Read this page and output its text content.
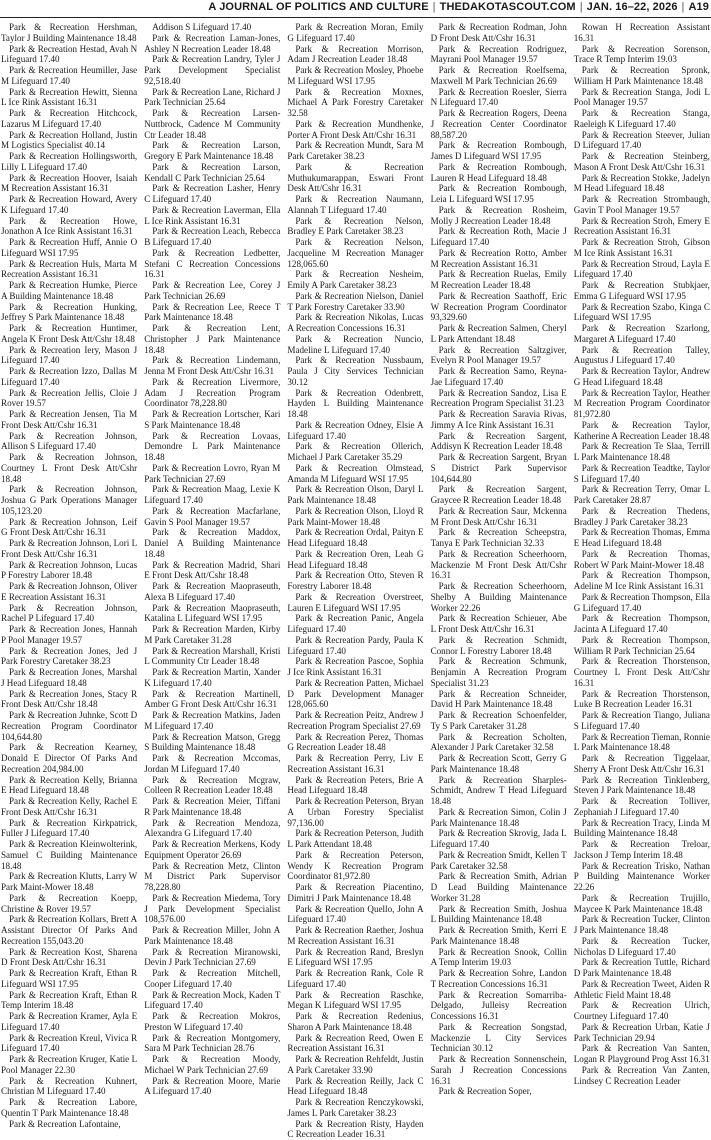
A JOURNAL OF POLITICS AND CULTURE | THEDAKOTASCOUT.COM | JAN. 16–22, 2026 | A19
Park & Recreation Hershman, Taylor J Building Maintenance 18.48
Park & Recreation Hestad, Avah N Lifeguard 17.40
Park & Recreation Heumiller, Jase M Lifeguard 17.40
Park & Recreation Hewitt, Sienna L Ice Rink Assistant 16.31
Park & Recreation Hitchcock, Lazarus M Lifeguard 17.40
Park & Recreation Holland, Justin M Logistics Specialist 40.14
Park & Recreation Hollingsworth, Lilly L Lifeguard 17.40
Park & Recreation Hoover, Isaiah M Recreation Assistant 16.31
Park & Recreation Howard, Avery K Lifeguard 17.40
Park & Recreation Howe, Jonathon A Ice Rink Assistant 16.31
Park & Recreation Huff, Annie O Lifeguard WSI 17.95
Park & Recreation Huls, Marta M Recreation Assistant 16.31
Park & Recreation Humke, Pierce A Building Maintenance 18.48
Park & Recreation Hunking, Jeffrey S Park Maintenance 18.48
Park & Recreation Huntimer, Angela K Front Desk Att/Cshr 18.48
Park & Recreation Iery, Mason J Lifeguard 17.40
Park & Recreation Izzo, Dallas M Lifeguard 17.40
Park & Recreation Jellis, Cloie J Rover 19.57
Park & Recreation Jensen, Tia M Front Desk Att/Cshr 16.31
Park & Recreation Johnson, Allison S Lifeguard 17.40
Park & Recreation Johnson, Courtney L Front Desk Att/Cshr 18.48
Park & Recreation Johnson, Joshua G Park Operations Manager 105,123.20
Park & Recreation Johnson, Leif G Front Desk Att/Cshr 16.31
Park & Recreation Johnson, Lori L Front Desk Att/Cshr 16.31
Park & Recreation Johnson, Lucas P Forestry Laborer 18.48
Park & Recreation Johnson, Oliver E Recreation Assistant 16.31
Park & Recreation Johnson, Rachel P Lifeguard 17.40
Park & Recreation Jones, Hannah P Pool Manager 19.57
Park & Recreation Jones, Jed J Park Forestry Caretaker 38.23
Park & Recreation Jones, Marshal J Head Lifeguard 18.48
Park & Recreation Jones, Stacy R Front Desk Att/Cshr 18.48
Park & Recreation Juhnke, Scott D Recreation Program Coordinator 104,644.80
Park & Recreation Kearney, Donald E Director Of Parks And Recreation 204,984.00
Park & Recreation Kelly, Brianna E Head Lifeguard 18.48
Park & Recreation Kelly, Rachel E Front Desk Att/Cshr 16.31
Park & Recreation Kirkpatrick, Fuller J Lifeguard 17.40
Park & Recreation Kleinwolterink, Samuel C Building Maintenance 18.48
Park & Recreation Klutts, Larry W Park Maint-Mower 18.48
Park & Recreation Koepp, Christine & Rover 19.57
Park & Recreation Kollars, Brett A Assistant Director Of Parks And Recreation 155,043.20
Park & Recreation Kost, Sharena D Front Desk Att/Cshr 16.31
Park & Recreation Kraft, Ethan R Lifeguard WSI 17.95
Park & Recreation Kraft, Ethan R Temp Interim 18.48
Park & Recreation Kramer, Ayla E Lifeguard 17.40
Park & Recreation Kreul, Vivica R Lifeguard 17.40
Park & Recreation Kruger, Katie L Pool Manager 22.30
Park & Recreation Kuhnert, Christian M Lifeguard 17.40
Park & Recreation Labore, Quentin T Park Maintenance 18.48
Park & Recreation Lafontaine,
Addison S Lifeguard 17.40
Park & Recreation Laman-Jones, Ashley N Recreation Leader 18.48
Park & Recreation Landry, Tyler J Park Development Specialist 92,518.40
Park & Recreation Lane, Richard J Park Technician 25.64
Park & Recreation Larsen-Nuttbrock, Cadence M Community Ctr Leader 18.48
Park & Recreation Larson, Gregory E Park Maintenance 18.48
Park & Recreation Larson, Kendall C Park Technician 25.64
Park & Recreation Lasher, Henry C Lifeguard 17.40
Park & Recreation Laverman, Ella L Ice Rink Assistant 16.31
Park & Recreation Leach, Rebecca B Lifeguard 17.40
Park & Recreation Ledbetter, Stefani C Recreation Concessions 16.31
Park & Recreation Lee, Corey J Park Technician 26.69
Park & Recreation Lee, Reece T Park Maintenance 18.48
Park & Recreation Lent, Christopher J Park Maintenance 18.48
Park & Recreation Lindemann, Jenna M Front Desk Att/Cshr 16.31
Park & Recreation Livermore, Adam J Recreation Program Coordinator 78,228.80
Park & Recreation Lortscher, Kari S Park Maintenance 18.48
Park & Recreation Lovaas, Demondre L Park Maintenance 18.48
Park & Recreation Lovro, Ryan M Park Technician 27.69
Park & Recreation Maag, Lexie K Lifeguard 17.40
Park & Recreation Macfarlane, Gavin S Pool Manager 19.57
Park & Recreation Maddox, Daniel A Building Maintenance 18.48
Park & Recreation Madrid, Shari E Front Desk Att/Cshr 18.48
Park & Recreation Maopraseuth, Alexa B Lifeguard 17.40
Park & Recreation Maopraseuth, Katalina L Lifeguard WSI 17.95
Park & Recreation Marden, Kirby M Park Caretaker 31.28
Park & Recreation Marshall, Kristi L Community Ctr Leader 18.48
Park & Recreation Martin, Xander K Lifeguard 17.40
Park & Recreation Martinell, Amber G Front Desk Att/Cshr 16.31
Park & Recreation Matkins, Jaden M Lifeguard 17.40
Park & Recreation Matson, Gregg S Building Maintenance 18.48
Park & Recreation Mccomas, Jordan M Lifeguard 17.40
Park & Recreation Mcgraw, Colleen R Recreation Leader 18.48
Park & Recreation Meier, Tiffani R Park Maintenance 18.48
Park & Recreation Mendoza, Alexandra G Lifeguard 17.40
Park & Recreation Merkens, Kody Equipment Operator 26.69
Park & Recreation Metz, Clinton M District Park Supervisor 78,228.80
Park & Recreation Miedema, Tory J Park Development Specialist 108,576.00
Park & Recreation Miller, John A Park Maintenance 18.48
Park & Recreation Miranowski, Devin J Park Technician 27.69
Park & Recreation Mitchell, Cooper Lifeguard 17.40
Park & Recreation Mock, Kaden T Lifeguard 17.40
Park & Recreation Mokros, Preston W Lifeguard 17.40
Park & Recreation Montgomery, Sara M Park Technician 28.76
Park & Recreation Moody, Michael W Park Technician 27.69
Park & Recreation Moore, Marie A Lifeguard 17.40
Park & Recreation Moran, Emily G Lifeguard 17.40
Park & Recreation Morrison, Adam J Recreation Leader 18.48
Park & Recreation Mosley, Phoebe M Lifeguard WSI 17.95
Park & Recreation Moxnes, Michael A Park Forestry Caretaker 32.58
Park & Recreation Mundhenke, Porter A Front Desk Att/Cshr 16.31
Park & Recreation Mundt, Sara M Park Caretaker 38.23
Park & Recreation Muthukumarappan, Eswari Front Desk Att/Cshr 16.31
Park & Recreation Naumann, Alannah T Lifeguard 17.40
Park & Recreation Nelson, Bradley E Park Caretaker 38.23
Park & Recreation Nelson, Jacqueline M Recreation Manager 128,065.60
Park & Recreation Nesheim, Emily A Park Caretaker 38.23
Park & Recreation Nielson, Daniel T Park Forestry Caretaker 33.90
Park & Recreation Nikolas, Lucas A Recreation Concessions 16.31
Park & Recreation Nuncio, Madeline L Lifeguard 17.40
Park & Recreation Nussbaum, Paula J City Services Technician 30.12
Park & Recreation Odenbrett, Hayden L Building Maintenance 18.48
Park & Recreation Odney, Elsie A Lifeguard 17.40
Park & Recreation Ollerich, Michael J Park Caretaker 35.29
Park & Recreation Olmstead, Amanda M Lifeguard WSI 17.95
Park & Recreation Olson, Daryl L Park Maintenance 18.48
Park & Recreation Olson, Lloyd R Park Maint-Mower 18.48
Park & Recreation Ordal, Paityn E Head Lifeguard 18.48
Park & Recreation Oren, Leah G Head Lifeguard 18.48
Park & Recreation Otto, Steven R Forestry Laborer 18.48
Park & Recreation Overstreet, Lauren E Lifeguard WSI 17.95
Park & Recreation Panic, Angela Lifeguard 17.40
Park & Recreation Pardy, Paula K Lifeguard 17.40
Park & Recreation Pascoe, Sophia J Ice Rink Assistant 16.31
Park & Recreation Patten, Michael D Park Development Manager 128,065.60
Park & Recreation Peitz, Andrew J Recreation Program Specialist 27.69
Park & Recreation Perez, Thomas G Recreation Leader 18.48
Park & Recreation Perry, Liv E Recreation Assistant 16.31
Park & Recreation Peters, Brie A Head Lifeguard 18.48
Park & Recreation Peterson, Bryan A Urban Forestry Specialist 97,136.00
Park & Recreation Peterson, Judith L Park Attendant 18.48
Park & Recreation Peterson, Wendy K Recreation Program Coordinator 81,972.80
Park & Recreation Piacentino, Dimitri J Park Maintenance 18.48
Park & Recreation Quello, John A Lifeguard 17.40
Park & Recreation Raether, Joshua M Recreation Assistant 16.31
Park & Recreation Rand, Breslyn E Lifeguard WSI 17.95
Park & Recreation Rank, Cole R Lifeguard 17.40
Park & Recreation Raschke, Megan K Lifeguard WSI 17.95
Park & Recreation Redenius, Sharon A Park Maintenance 18.48
Park & Recreation Reed, Owen E Recreation Assistant 16.31
Park & Recreation Rehfeldt, Justin A Park Caretaker 33.90
Park & Recreation Reilly, Jack C Head Lifeguard 18.48
Park & Recreation Renczykowski, James L Park Caretaker 38.23
Park & Recreation Risty, Hayden C Recreation Leader 16.31
Park & Recreation Rodman, John D Front Desk Att/Cshr 16.31
Park & Recreation Rodriguez, Mayrani Pool Manager 19.57
Park & Recreation Roelfsema, Maxwell M Park Technician 26.69
Park & Recreation Roesler, Sierra N Lifeguard 17.40
Park & Recreation Rogers, Deena J Recreation Center Coordinator 88,587.20
Park & Recreation Rombough, James D Lifeguard WSI 17.95
Park & Recreation Rombough, Lauren R Head Lifeguard 18.48
Park & Recreation Rombough, Leia L Lifeguard WSI 17.95
Park & Recreation Rosheim, Molly J Recreation Leader 18.48
Park & Recreation Roth, Macie J Lifeguard 17.40
Park & Recreation Rotto, Amber M Recreation Assistant 16.31
Park & Recreation Ruelas, Emily M Recreation Leader 18.48
Park & Recreation Saathoff, Eric W Recreation Program Coordinator 93,329.60
Park & Recreation Salmen, Cheryl L Park Attendant 18.48
Park & Recreation Saltzgiver, Evelyn R Pool Manager 19.57
Park & Recreation Samo, Reyna-Jae Lifeguard 17.40
Park & Recreation Sandoz, Lisa E Recreation Program Specialist 31.23
Park & Recreation Saravia Rivas, Jimmy A Ice Rink Assistant 16.31
Park & Recreation Sargent, Addisyn K Recreation Leader 18.48
Park & Recreation Sargent, Bryan S District Park Supervisor 104,644.80
Park & Recreation Sargent, Graycee R Recreation Leader 18.48
Park & Recreation Saur, Mckenna M Front Desk Att/Cshr 16.31
Park & Recreation Scheepstra, Tanya E Park Technician 32.33
Park & Recreation Scheerhoorn, Mackenzie M Front Desk Att/Cshr 16.31
Park & Recreation Scheerhoorn, Shelby A Building Maintenance Worker 22.26
Park & Recreation Schieuer, Abe L Front Desk Att/Cshr 16.31
Park & Recreation Schmidt, Connor L Forestry Laborer 18.48
Park & Recreation Schmunk, Benjamin A Recreation Program Specialist 31.23
Park & Recreation Schneider, David H Park Maintenance 18.48
Park & Recreation Schoenfelder, Ty S Park Caretaker 31.28
Park & Recreation Scholten, Alexander J Park Caretaker 32.58
Park & Recreation Scott, Gerry G Park Maintenance 18.48
Park & Recreation Sharples-Schmidt, Andrew T Head Lifeguard 18.48
Park & Recreation Simon, Colin J Park Maintenance 18.48
Park & Recreation Skrovig, Jada L Lifeguard 17.40
Park & Recreation Smidt, Kellen T Park Caretaker 32.58
Park & Recreation Smith, Adrian D Lead Building Maintenance Worker 31.28
Park & Recreation Smith, Joshua L Building Maintenance 18.48
Park & Recreation Smith, Kerri E Park Maintenance 18.48
Park & Recreation Snook, Collin A Temp Interim 19.03
Park & Recreation Sohre, Landon T Recreation Concessions 16.31
Park & Recreation Somarriba-Delgado, Julleisy Recreation Concessions 16.31
Park & Recreation Songstad, Mackenzie L City Services Technician 30.12
Park & Recreation Sonnenschein, Sarah J Recreation Concessions 16.31
Park & Recreation Soper,
Rowan H Recreation Assistant 16.31
Park & Recreation Sorenson, Trace R Temp Interim 19.03
Park & Recreation Spronk, William H Park Maintenance 18.48
Park & Recreation Stanga, Jodi L Pool Manager 19.57
Park & Recreation Stanga, Raeleigh K Lifeguard 17.40
Park & Recreation Steever, Julian D Lifeguard 17.40
Park & Recreation Steinberg, Mason A Front Desk Att/Cshr 16.31
Park & Recreation Stokke, Jadelyn M Head Lifeguard 18.48
Park & Recreation Strombaugh, Gavin T Pool Manager 19.57
Park & Recreation Stroh, Emery E Recreation Assistant 16.31
Park & Recreation Stroh, Gibson M Ice Rink Assistant 16.31
Park & Recreation Stroud, Layla E Lifeguard 17.40
Park & Recreation Stubkjaer, Emma G Lifeguard WSI 17.95
Park & Recreation Szabo, Kinga C Lifeguard WSI 17.95
Park & Recreation Szarlong, Margaret A Lifeguard 17.40
Park & Recreation Talley, Augustus J Lifeguard 17.40
Park & Recreation Taylor, Andrew G Head Lifeguard 18.48
Park & Recreation Taylor, Heather M Recreation Program Coordinator 81,972.80
Park & Recreation Taylor, Katherine A Recreation Leader 18.48
Park & Recreation Te Slaa, Terrill L Park Maintenance 18.48
Park & Recreation Teadtke, Taylor S Lifeguard 17.40
Park & Recreation Terry, Omar L Park Caretaker 28.87
Park & Recreation Thedens, Bradley J Park Caretaker 38.23
Park & Recreation Thomas, Emma E Head Lifeguard 18.48
Park & Recreation Thomas, Robert W Park Maint-Mower 18.48
Park & Recreation Thompson, Adeline M Ice Rink Assistant 16.31
Park & Recreation Thompson, Ella G Lifeguard 17.40
Park & Recreation Thompson, Jacinta A Lifeguard 17.40
Park & Recreation Thompson, William R Park Technician 25.64
Park & Recreation Thorstenson, Courtney L Front Desk Att/Cshr 16.31
Park & Recreation Thorstenson, Luke B Recreation Leader 16.31
Park & Recreation Tiango, Juliana S Lifeguard 17.40
Park & Recreation Tieman, Ronnie L Park Maintenance 18.48
Park & Recreation Tiggelaar, Sherry A Front Desk Att/Cshr 16.31
Park & Recreation Tinklenberg, Steven J Park Maintenance 18.48
Park & Recreation Tolliver, Zephaniah J Lifeguard 17.40
Park & Recreation Tracy, Linda M Building Maintenance 18.48
Park & Recreation Treloar, Jackson J Temp Interim 18.48
Park & Recreation Trisko, Nathan P Building Maintenance Worker 22.26
Park & Recreation Trujillo, Maycee K Park Maintenance 18.48
Park & Recreation Tucker, Clinton J Park Maintenance 18.48
Park & Recreation Tucker, Nicholas D Lifeguard 17.40
Park & Recreation Tuttle, Richard D Park Maintenance 18.48
Park & Recreation Tweet, Aiden R Athletic Field Maint 18.48
Park & Recreation Ulrich, Courtney Lifeguard 17.40
Park & Recreation Urban, Katie J Park Technician 29.94
Park & Recreation Van Santen, Logan R Playground Prog Asst 16.31
Park & Recreation Van Zanten, Lindsey C Recreation Leader
